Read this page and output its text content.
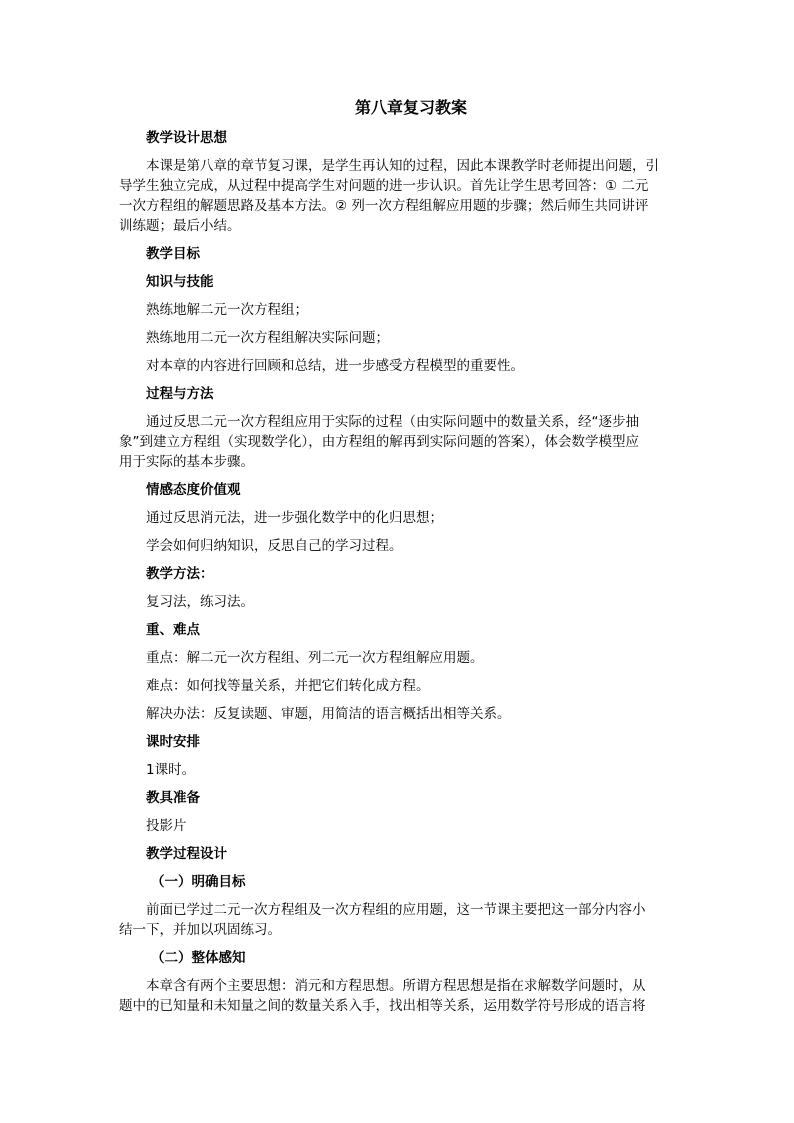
第八章复习教案
教学设计思想
本课是第八章的章节复习课，是学生再认知的过程，因此本课教学时老师提出问题，引
导学生独立完成，从过程中提高学生对问题的进一步认识。首先让学生思考回答：① 二元
一次方程组的解题思路及基本方法。② 列一次方程组解应用题的步骤；然后师生共同讲评
训练题；最后小结。
教学目标
知识与技能
熟练地解二元一次方程组；
熟练地用二元一次方程组解决实际问题；
对本章的内容进行回顾和总结，进一步感受方程模型的重要性。
过程与方法
通过反思二元一次方程组应用于实际的过程（由实际问题中的数量关系，经“逐步抽
象”到建立方程组（实现数学化），由方程组的解再到实际问题的答案），体会数学模型应
用于实际的基本步骤。
情感态度价值观
通过反思消元法，进一步强化数学中的化归思想；
学会如何归纳知识，反思自己的学习过程。
教学方法：
复习法，练习法。
重、难点
重点：解二元一次方程组、列二元一次方程组解应用题。
难点：如何找等量关系，并把它们转化成方程。
解决办法：反复读题、审题，用简洁的语言概括出相等关系。
课时安排
1课时。
教具准备
投影片
教学过程设计
（一）明确目标
前面已学过二元一次方程组及一次方程组的应用题，这一节课主要把这一部分内容小
结一下，并加以巩固练习。
（二）整体感知
本章含有两个主要思想：消元和方程思想。所谓方程思想是指在求解数学问题时，从
题中的已知量和未知量之间的数量关系入手，找出相等关系，运用数学符号形成的语言将
